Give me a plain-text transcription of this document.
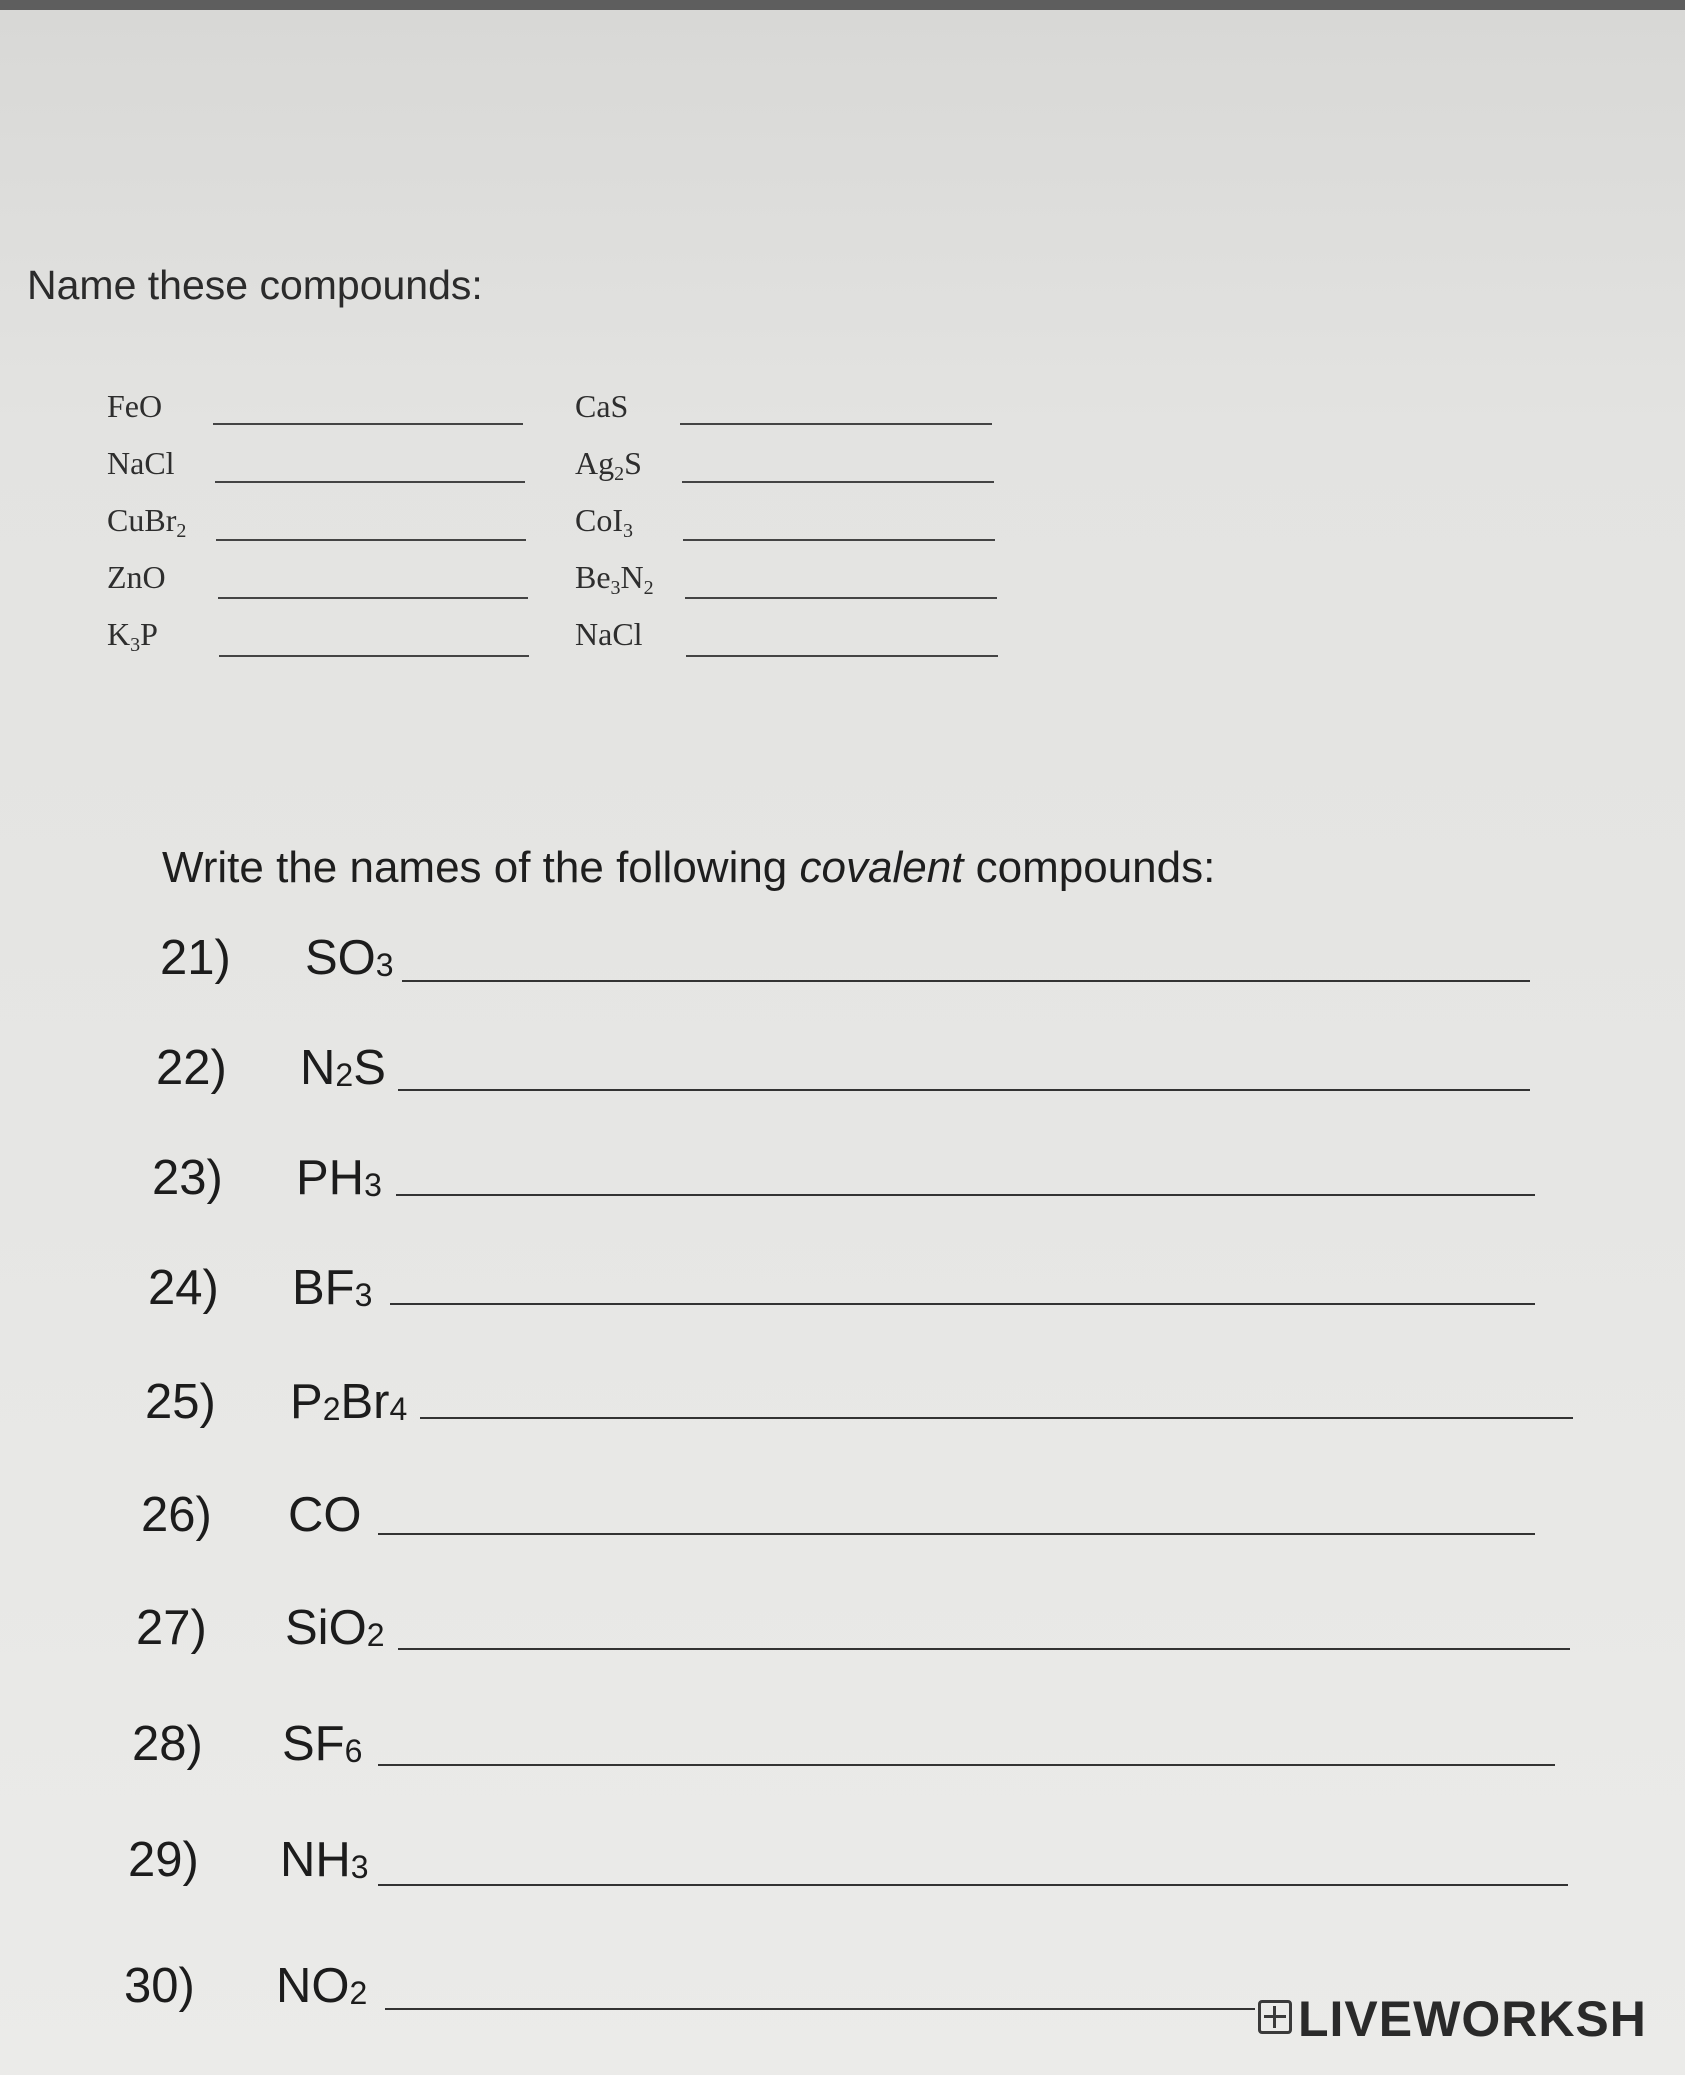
Name these compounds:
FeO
NaCl
CuBr$_2$
ZnO
$K_3P$
CaS
$Ag_2S$
CoI$_3$
$Be_3N_2$
NaCl
Write the names of the following covalent compounds:
21) $SO_3$
22) $N_2S$
23) $PH_3$
24) $BF_3$
25) $P_2Br_4$
26) CO
27) SiO$_2$
28) $SF_6$
29) $NH_3$
30) $NO_2$	LIVEWORKSH
